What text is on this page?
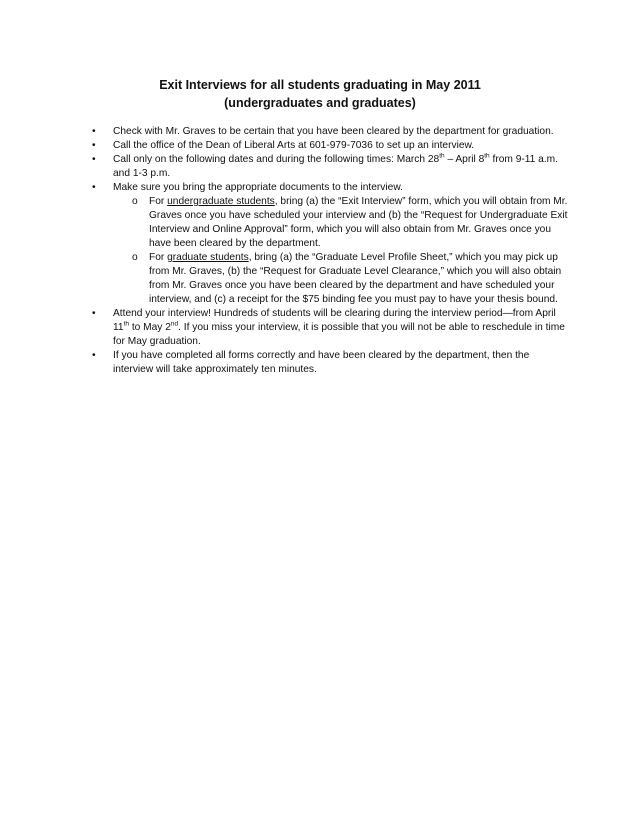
Exit Interviews for all students graduating in May 2011
(undergraduates and graduates)
•	Check with Mr. Graves to be certain that you have been cleared by the department for graduation.
•	Call the office of the Dean of Liberal Arts at 601-979-7036 to set up an interview.
•	Call only on the following dates and during the following times: March 28th – April 8th from 9-11 a.m. and 1-3 p.m.
•	Make sure you bring the appropriate documents to the interview.
o	For undergraduate students, bring (a) the “Exit Interview” form, which you will obtain from Mr. Graves once you have scheduled your interview and (b) the “Request for Undergraduate Exit Interview and Online Approval” form, which you will also obtain from Mr. Graves once you have been cleared by the department.
o	For graduate students, bring (a) the “Graduate Level Profile Sheet,” which you may pick up from Mr. Graves, (b) the “Request for Graduate Level Clearance,” which you will also obtain from Mr. Graves once you have been cleared by the department and have scheduled your interview, and (c) a receipt for the $75 binding fee you must pay to have your thesis bound.
•	Attend your interview! Hundreds of students will be clearing during the interview period—from April 11th to May 2nd. If you miss your interview, it is possible that you will not be able to reschedule in time for May graduation.
•	If you have completed all forms correctly and have been cleared by the department, then the interview will take approximately ten minutes.
